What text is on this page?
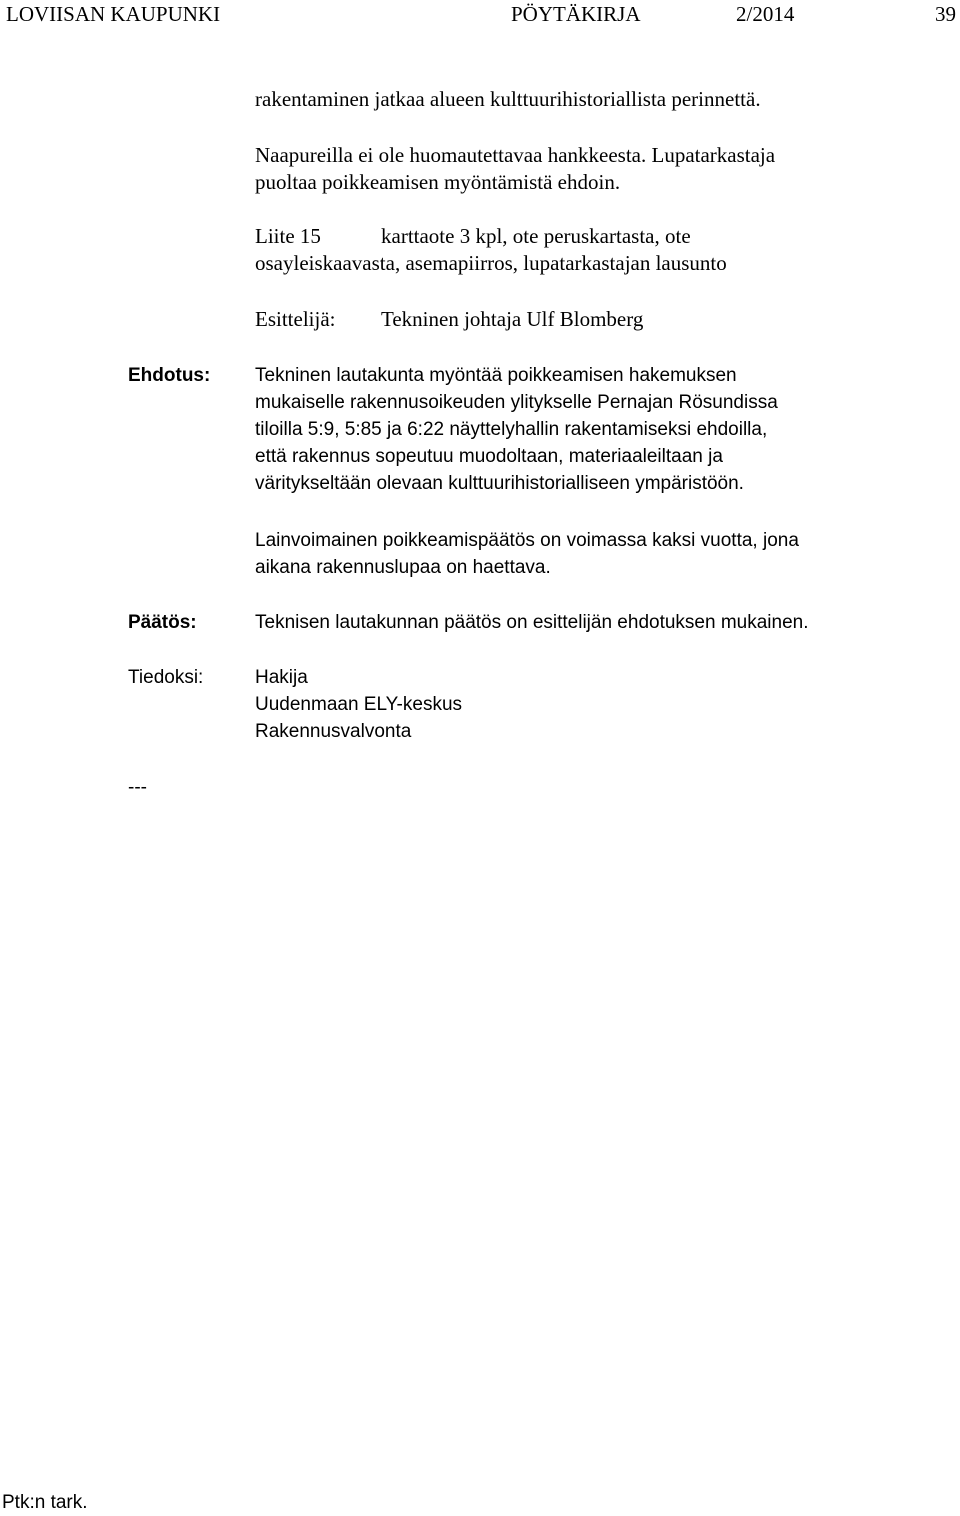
LOVIISAN KAUPUNKI	PÖYTÄKIRJA	2/2014	39

rakentaminen jatkaa alueen kulttuurihistoriallista perinnettä.
Naapureilla ei ole huomautettavaa hankkeesta. Lupatarkastaja
puoltaa poikkeamisen myöntämistä ehdoin.

Liite 15	karttaote 3 kpl, ote peruskartasta, ote

osayleiskaavasta, asemapiirros, lupatarkastajan lausunto

Esittelijä: Tekninen johtaja Ulf Blomberg

Ehdotus: Tekninen lautakunta myöntää poikkeamisen hakemuksen
mukaiselle rakennusoikeuden ylitykselle Pernajan Rösundissa
tiloilla 5:9, 5:85 ja 6:22 näyttelyhallin rakentamiseksi ehdoilla,
että rakennus sopeutuu muodoltaan, materiaaleiltaan ja
väritykseltään olevaan kulttuurihistorialliseen ympäristöön.
Lainvoimainen poikkeamispäätös on voimassa kaksi vuotta, jona
aikana rakennuslupaa on haettava.

Päätös:	Teknisen lautakunnan päätös on esittelijän ehdotuksen mukainen.

Tiedoksi:	Hakija
Uudenmaan ELY-keskus
Rakennusvalvonta

---

Ptk:n tark.
